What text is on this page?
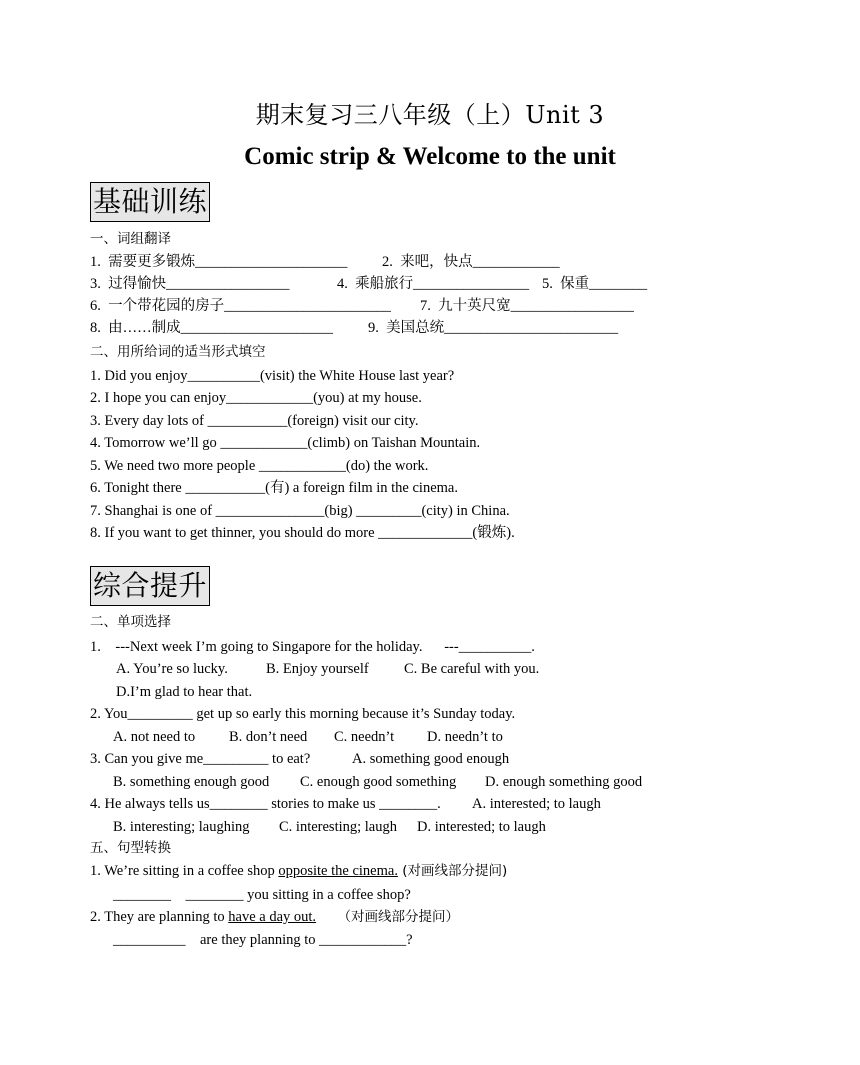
期末复习三八年级（上）Unit 3
Comic strip & Welcome to the unit
基础训练
一、词组翻译
1.  需要更多锻炼_____________________ 2.  来吧，快点____________
3.  过得愉快_________________	4.  乘船旅行________________ 5.  保重________
6.  一个带花园的房子_______________________ 7.  九十英尺宽_________________
8.  由……制成_____________________ 9.  美国总统________________________
二、用所给词的适当形式填空
1. Did you enjoy__________(visit) the White House last year?
2. I hope you can enjoy____________(you) at my house.
3. Every day lots of ___________(foreign) visit our city.
4. Tomorrow we’ll go ____________(climb) on Taishan Mountain.
5. We need two more people ____________(do) the work.
6. Tonight there ___________(有) a foreign film in the cinema.
7. Shanghai is one of _______________(big) _________(city) in China.
8. If you want to get thinner, you should do more _____________(锻炼).
综合提升
二、单项选择
1.    ---Next week I’m going to Singapore for the holiday.      ---__________.
A. You’re so lucky.	B. Enjoy yourself C. Be careful with you.
D.I’m glad to hear that.
2. You_________ get up so early this morning because it’s Sunday today.
A. not need to B. don’t need C. needn’t D. needn’t to
3. Can you give me_________ to eat?	A. something good enough
B. something enough good C. enough good something D. enough something good
4. He always tells us________ stories to make us ________. A. interested; to laugh
B. interesting; laughing C. interesting; laugh D. interested; to laugh
五、句型转换
1. We’re sitting in a coffee shop opposite the cinema. (对画线部分提问)
________    ________ you sitting in a coffee shop?
2. They are planning to have a day out.     （对画线部分提问）
__________    are they planning to ____________?
